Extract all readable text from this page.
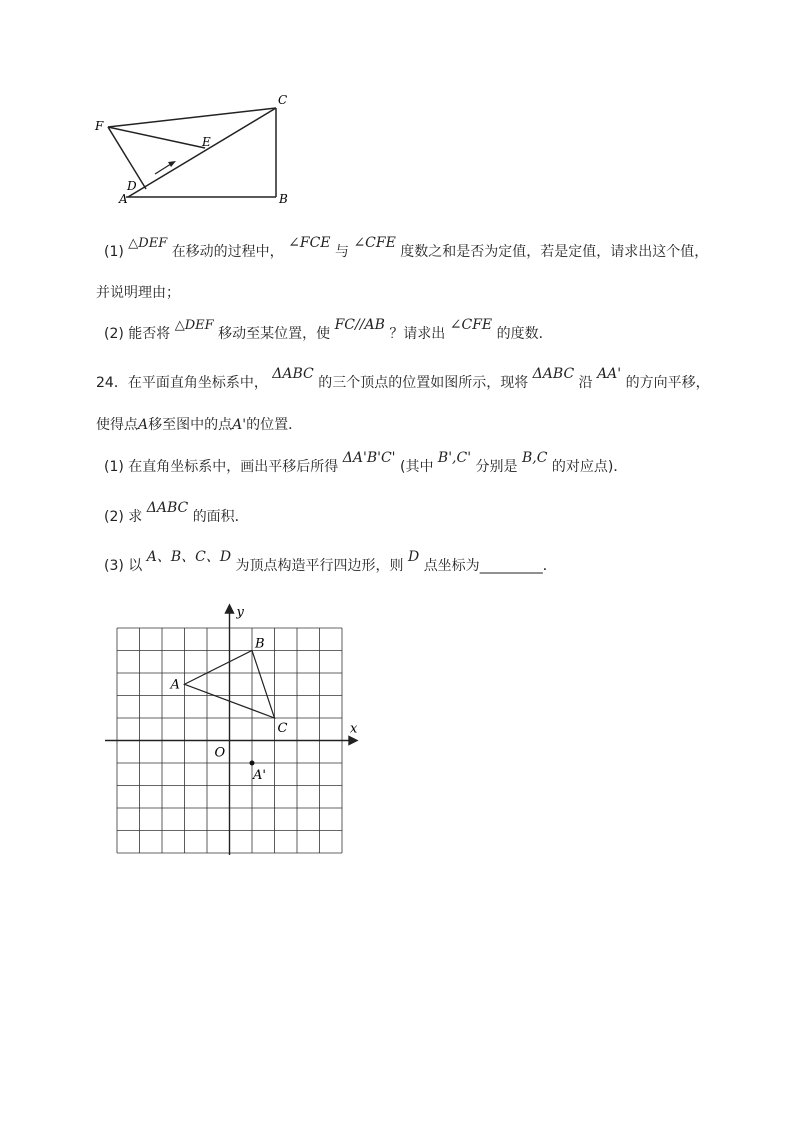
F
C
E
D
A	B
(1) △DEF 在移动的过程中， ∠FCE 与 ∠CFE 度数之和是否为定值，若是定值，请求出这个值，
并说明理由；
(2) 能否将 △DEF 移动至某位置，使 FC//AB ？请求出 ∠CFE 的度数．
24．在平面直角坐标系中， ΔABC 的三个顶点的位置如图所示，现将 ΔABC 沿 AA' 的方向平移，
使得点A移至图中的点A'的位置．
(1) 在直角坐标系中，画出平移后所得 ΔA'B'C' (其中 B',C' 分别是 B,C 的对应点)．
(2) 求 ΔABC 的面积．
(3) 以 A、B、C、D 为顶点构造平行四边形，则 D 点坐标为_________．
x
y
O
A
B
C
A'
